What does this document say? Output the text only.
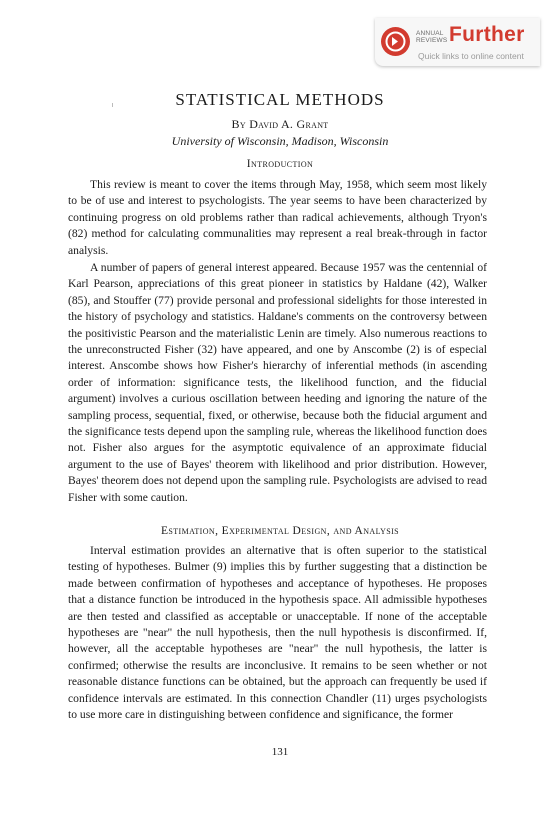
ANNUAL
REVIEWS Further
Quick links to online content
STATISTICAL METHODS
By David A. Grant
University of Wisconsin, Madison, Wisconsin
Introduction

This review is meant to cover the items through May, 1958, which seem most likely to be of use and interest to psychologists. The year seems to have been characterized by continuing progress on old problems rather than radical achievements, although Tryon's (82) method for calculating communalities may represent a real break-through in factor analysis.

A number of papers of general interest appeared. Because 1957 was the centennial of Karl Pearson, appreciations of this great pioneer in statistics by Haldane (42), Walker (85), and Stouffer (77) provide personal and professional sidelights for those interested in the history of psychology and statistics. Haldane's comments on the controversy between the positivistic Pearson and the materialistic Lenin are timely. Also numerous reactions to the unreconstructed Fisher (32) have appeared, and one by Anscombe (2) is of especial interest. Anscombe shows how Fisher's hierarchy of inferential methods (in ascending order of information: significance tests, the likelihood function, and the fiducial argument) involves a curious oscillation between heeding and ignoring the nature of the sampling process, sequential, fixed, or otherwise, because both the fiducial argument and the significance tests depend upon the sampling rule, whereas the likelihood function does not. Fisher also argues for the asymptotic equivalence of an approximate fiducial argument to the use of Bayes' theorem with likelihood and prior distribution. However, Bayes' theorem does not depend upon the sampling rule. Psychologists are advised to read Fisher with some caution.

Estimation, Experimental Design, and Analysis

Interval estimation provides an alternative that is often superior to the statistical testing of hypotheses. Bulmer (9) implies this by further suggesting that a distinction be made between confirmation of hypotheses and acceptance of hypotheses. He proposes that a distance function be introduced in the hypothesis space. All admissible hypotheses are then tested and classified as acceptable or unacceptable. If none of the acceptable hypotheses are "near" the null hypothesis, then the null hypothesis is disconfirmed. If, however, all the acceptable hypotheses are "near" the null hypothesis, the latter is confirmed; otherwise the results are inconclusive. It remains to be seen whether or not reasonable distance functions can be obtained, but the approach can frequently be used if confidence intervals are estimated. In this connection Chandler (11) urges psychologists to use more care in distinguishing between confidence and significance, the former

131
